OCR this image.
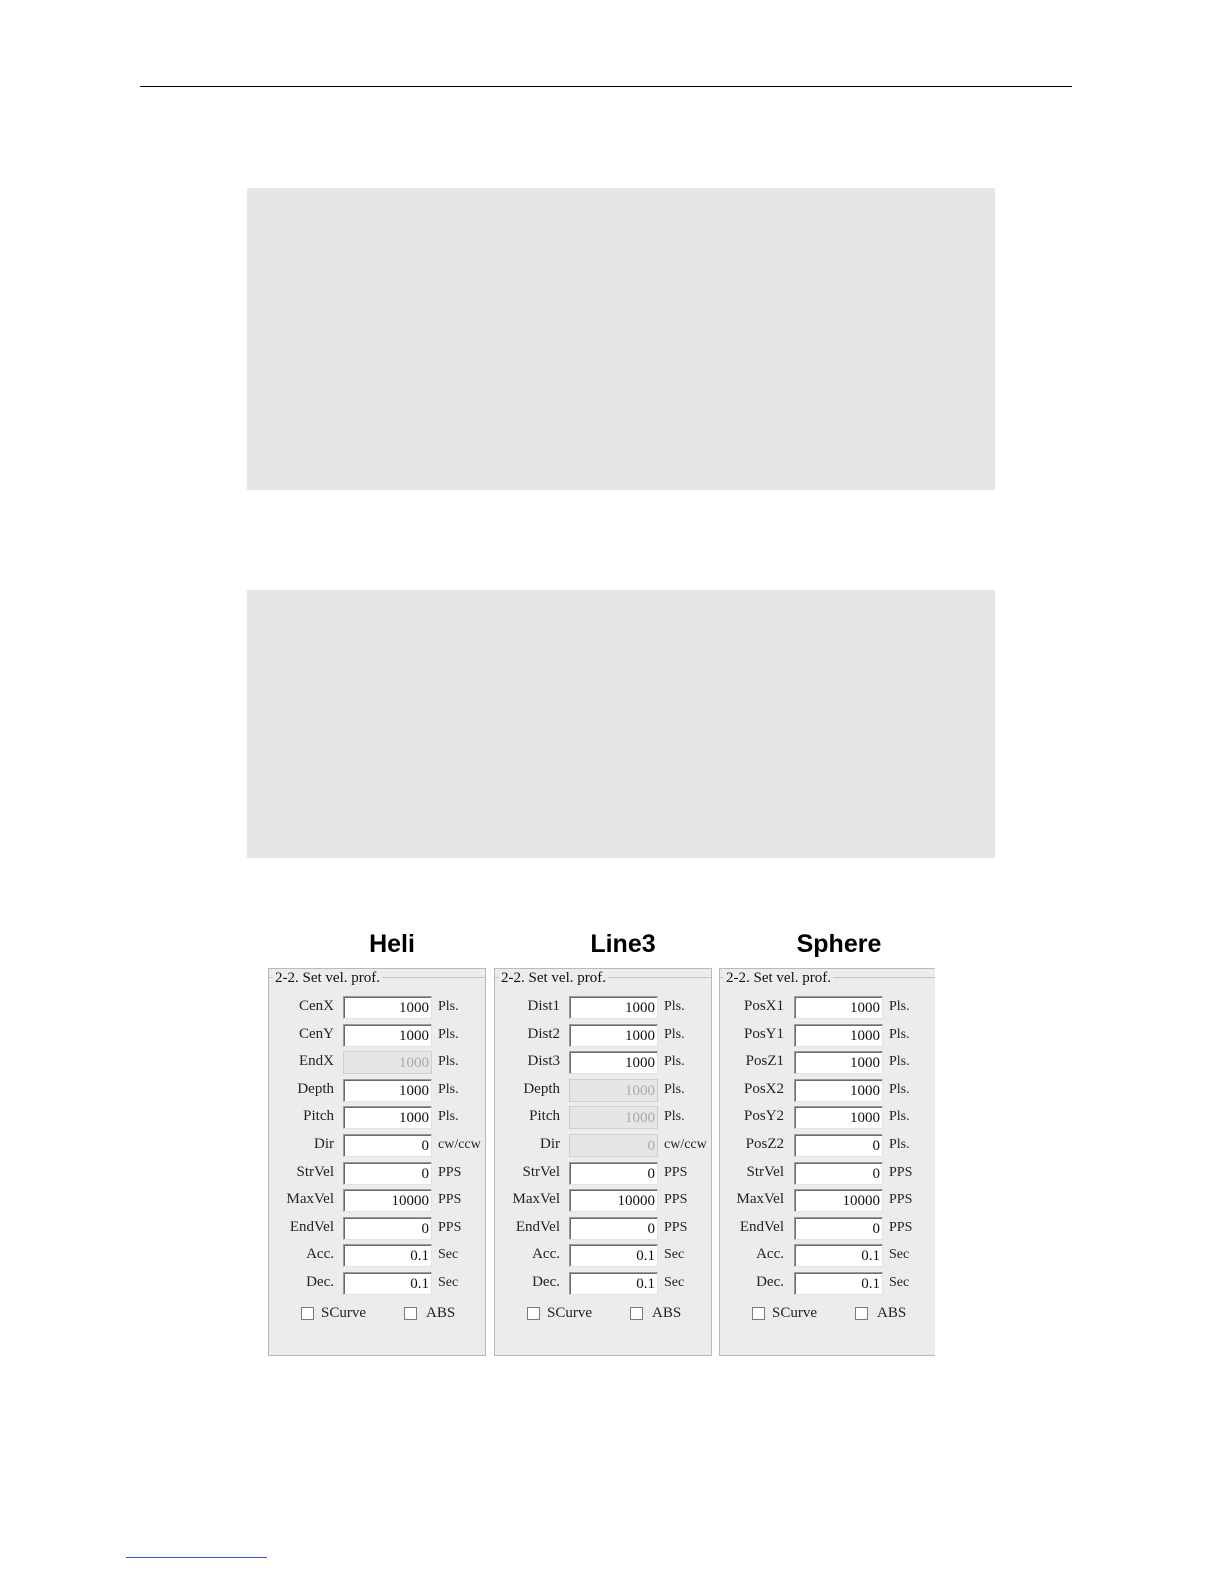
Heli	Line3	Sphere
2-2. Set vel. prof.
CenX	1000 Pls.
CenY	1000 Pls.
EndX	1000 Pls.
Depth	1000 Pls.
Pitch	1000 Pls.
Dir	0 cw/ccw
StrVel	0 PPS
MaxVel	10000 PPS
EndVel	0 PPS
Acc.	0.1 Sec
Dec.	0.1 Sec
SCurve	ABS
2-2. Set vel. prof.
Dist1	1000 Pls.
Dist2	1000 Pls.
Dist3	1000 Pls.
Depth	1000 Pls.
Pitch	1000 Pls.
Dir	0 cw/ccw
StrVel	0 PPS
MaxVel	10000 PPS
EndVel	0 PPS
Acc.	0.1 Sec
Dec.	0.1 Sec
SCurve	ABS
2-2. Set vel. prof.
PosX1	1000 Pls.
PosY1	1000 Pls.
PosZ1	1000 Pls.
PosX2	1000 Pls.
PosY2	1000 Pls.
PosZ2	0 Pls.
StrVel	0 PPS
MaxVel	10000 PPS
EndVel	0 PPS
Acc.	0.1 Sec
Dec.	0.1 Sec
SCurve	ABS
